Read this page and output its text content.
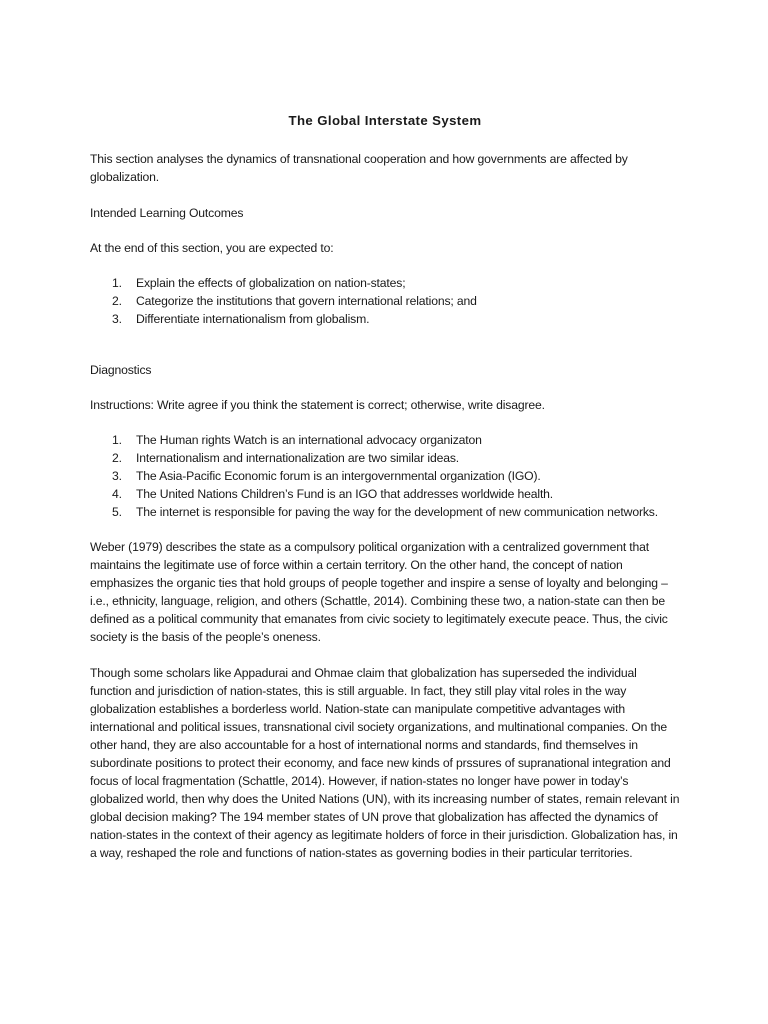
The Global Interstate System

This section analyses the dynamics of transnational cooperation and how governments are affected by globalization.

Intended Learning Outcomes

At the end of this section, you are expected to:

1.	Explain the effects of globalization on nation-states;
2.	Categorize the institutions that govern international relations; and
3.	Differentiate internationalism from globalism.

Diagnostics

Instructions: Write agree if you think the statement is correct; otherwise, write disagree.

1.	The Human rights Watch is an international advocacy organizaton
2.	Internationalism and internationalization are two similar ideas.
3.	The Asia-Pacific Economic forum is an intergovernmental organization (IGO).
4.	The United Nations Children’s Fund is an IGO that addresses worldwide health.
5.	The internet is responsible for paving the way for the development of new communication networks.

Weber (1979) describes the state as a compulsory political organization with a centralized government that maintains the legitimate use of force within a certain territory. On the other hand, the concept of nation emphasizes the organic ties that hold groups of people together and inspire a sense of loyalty and belonging – i.e., ethnicity, language, religion, and others (Schattle, 2014). Combining these two, a nation-state can then be defined as a political community that emanates from civic society to legitimately execute peace. Thus, the civic society is the basis of the people’s oneness.

Though some scholars like Appadurai and Ohmae claim that globalization has superseded the individual function and jurisdiction of nation-states, this is still arguable. In fact, they still play vital roles in the way globalization establishes a borderless world. Nation-state can manipulate competitive advantages with international and political issues, transnational civil society organizations, and multinational companies. On the other hand, they are also accountable for a host of international norms and standards, find themselves in subordinate positions to protect their economy, and face new kinds of prssures of supranational integration and focus of local fragmentation (Schattle, 2014). However, if nation-states no longer have power in today’s globalized world, then why does the United Nations (UN), with its increasing number of states, remain relevant in global decision making? The 194 member states of UN prove that globalization has affected the dynamics of nation-states in the context of their agency as legitimate holders of force in their jurisdiction. Globalization has, in a way, reshaped the role and functions of nation-states as governing bodies in their particular territories.
